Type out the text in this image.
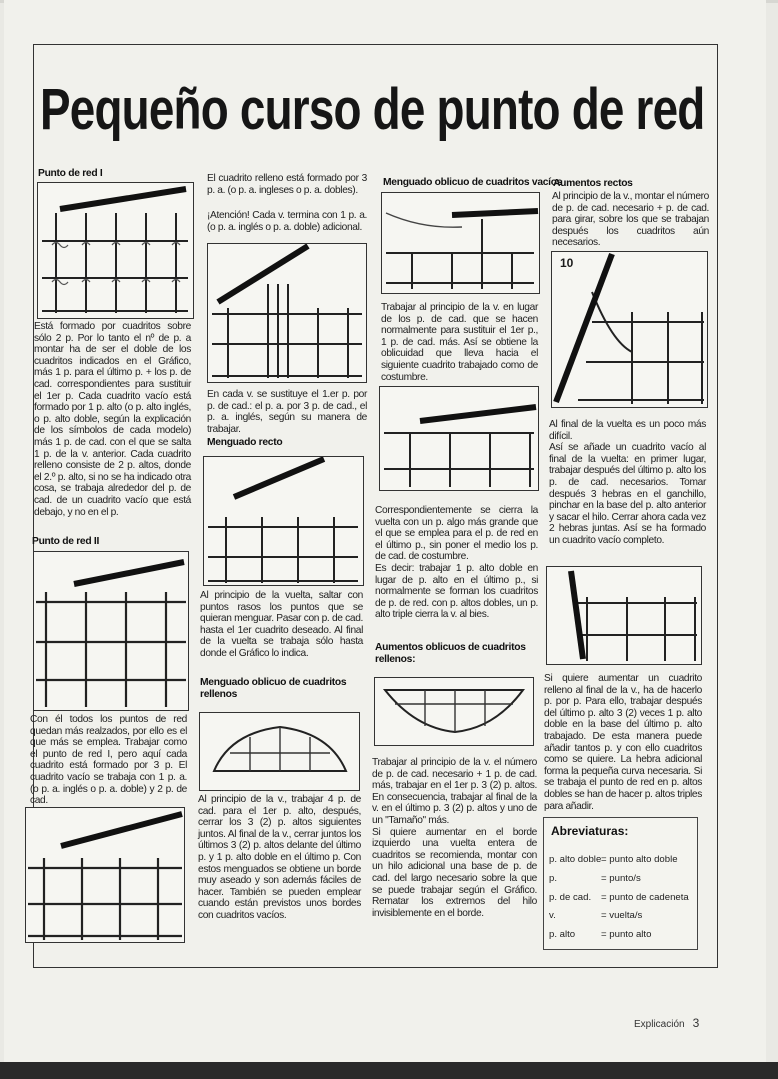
Pequeño curso de punto de red

Punto de red I

Está formado por cuadritos sobre sólo 2 p. Por lo tanto el nº de p. a montar ha de ser el doble de los cuadritos indicados en el Gráfico, más 1 p. para el último p. + los p. de cad. correspondientes para sustituir el 1er p. Cada cuadrito vacío está formado por 1 p. alto (o p. alto inglés, o p. alto doble, según la explicación de los símbolos de cada modelo) más 1 p. de cad. con el que se salta 1 p. de la v. anterior. Cada cuadrito relleno consiste de 2 p. altos, donde el 2.º p. alto, si no se ha indicado otra cosa, se trabaja alrededor del p. de cad. de un cuadrito vacío que está debajo, y no en el p.

Punto de red II

Con él todos los puntos de red quedan más realzados, por ello es el que más se emplea. Trabajar como el punto de red I, pero aquí cada cuadrito está formado por 3 p. El cuadrito vacío se trabaja con 1 p. a. (o p. a. inglés o p. a. doble) y 2 p. de cad.

El cuadrito relleno está formado por 3 p. a. (o p. a. ingleses o p. a. dobles).

¡Atención! Cada v. termina con 1 p. a. (o p. a. inglés o p. a. doble) adicional.

En cada v. se sustituye el 1.er p. por p. de cad.: el p. a. por 3 p. de cad., el p. a. inglés, según su manera de trabajar.

Menguado recto

Al principio de la vuelta, saltar con puntos rasos los puntos que se quieran menguar. Pasar con p. de cad. hasta el 1er cuadrito deseado. Al final de la vuelta se trabaja sólo hasta donde el Gráfico lo indica.

Menguado oblicuo de cuadritos rellenos

Al principio de la v., trabajar 4 p. de cad. para el 1er p. alto, después, cerrar los 3 (2) p. altos siguientes juntos. Al final de la v., cerrar juntos los últimos 3 (2) p. altos delante del último p. y 1 p. alto doble en el último p. Con estos menguados se obtiene un borde muy aseado y son además fáciles de hacer. También se pueden emplear cuando están previstos unos bordes con cuadritos vacíos.

Menguado oblicuo de cuadritos vacíos

Trabajar al principio de la v. en lugar de los p. de cad. que se hacen normalmente para sustituir el 1er p., 1 p. de cad. más. Así se obtiene la oblicuidad que lleva hacia el siguiente cuadrito trabajado como de costumbre.

Correspondientemente se cierra la vuelta con un p. algo más grande que el que se emplea para el p. de red en el último p., sin poner el medio los p. de cad. de costumbre.
Es decir: trabajar 1 p. alto doble en lugar de p. alto en el último p., si normalmente se forman los cuadritos de p. de red. con p. altos dobles, un p. alto triple cierra la v. al bies.

Aumentos oblicuos de cuadritos rellenos:

Trabajar al principio de la v. el número de p. de cad. necesario + 1 p. de cad. más, trabajar en el 1er p. 3 (2) p. altos. En consecuencia, trabajar al final de la v. en el último p. 3 (2) p. altos y uno de un "Tamaño" más.
Si quiere aumentar en el borde izquierdo una vuelta entera de cuadritos se recomienda, montar con un hilo adicional una base de p. de cad. del largo necesario sobre la que se puede trabajar según el Gráfico. Rematar los extremos del hilo invisiblemente en el borde.

Aumentos rectos

Al principio de la v., montar el número de p. de cad. necesario + p. de cad. para girar, sobre los que se trabajan después los cuadritos aún necesarios.

10

Al final de la vuelta es un poco más difícil.
Así se añade un cuadrito vacío al final de la vuelta: en primer lugar, trabajar después del último p. alto los p. de cad. necesarios. Tomar después 3 hebras en el ganchillo, pinchar en la base del p. alto anterior y sacar el hilo. Cerrar ahora cada vez 2 hebras juntas. Así se ha formado un cuadrito vacío completo.

Si quiere aumentar un cuadrito relleno al final de la v., ha de hacerlo p. por p. Para ello, trabajar después del último p. alto 3 (2) veces 1 p. alto doble en la base del último p. alto trabajado. De esta manera puede añadir tantos p. y con ello cuadritos como se quiere. La hebra adicional forma la pequeña curva necesaria. Si se trabaja el punto de red en p. altos dobles se han de hacer p. altos triples para añadir.

Abreviaturas:

p. alto doble = punto alto doble
p.	= punto/s
p. de cad. = punto de cadeneta
v.	= vuelta/s
p. alto	= punto alto
Explicación 3
